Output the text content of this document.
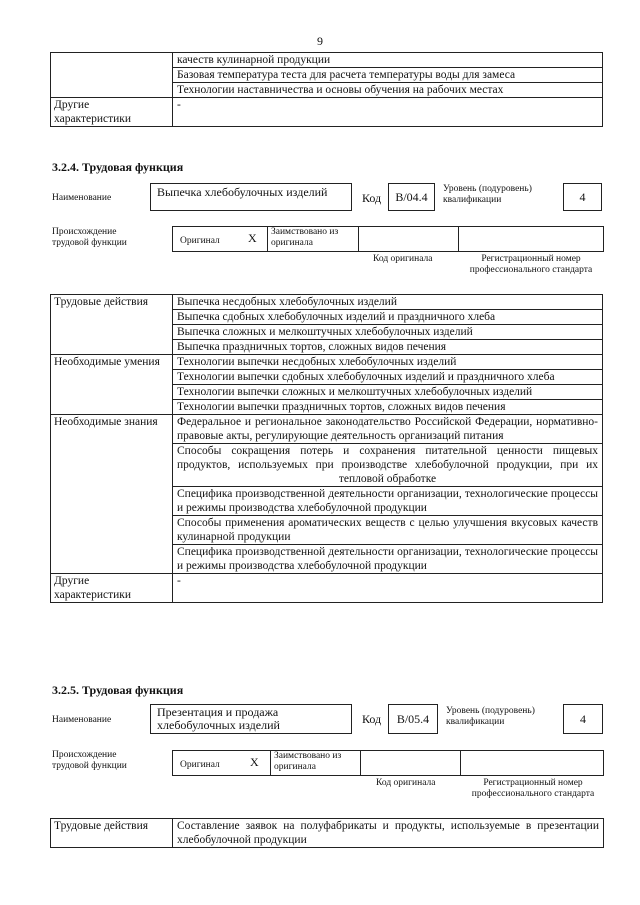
9
	качеств кулинарной продукции
	Базовая температура теста для расчета температуры воды для замеса
	Технологии наставничества и основы обучения на рабочих местах
Другие характеристики	-
3.2.4. Трудовая функция
Наименование	Выпечка хлебобулочных изделий	Код B/04.4
Уровень (подуровень) квалификации	4
Происхождение трудовой функции	Оригинал X Заимствовано из оригинала
Код оригинала	Регистрационный номер профессионального стандарта
Трудовые действия	Выпечка несдобных хлебобулочных изделий
	Выпечка сдобных хлебобулочных изделий и праздничного хлеба
	Выпечка сложных и мелкоштучных хлебобулочных изделий
	Выпечка праздничных тортов, сложных видов печения
Необходимые умения	Технологии выпечки несдобных хлебобулочных изделий
	Технологии выпечки сдобных хлебобулочных изделий и праздничного хлеба
	Технологии выпечки сложных и мелкоштучных хлебобулочных изделий
	Технологии выпечки праздничных тортов, сложных видов печения
Необходимые знания	Федеральное и региональное законодательство Российской Федерации, нормативно-правовые акты, регулирующие деятельность организаций питания
	Способы сокращения потерь и сохранения питательной ценности пищевых продуктов, используемых при производстве хлебобулочной продукции, при их тепловой обработке
	Специфика производственной деятельности организации, технологические процессы и режимы производства хлебобулочной продукции
	Способы применения ароматических веществ с целью улучшения вкусовых качеств кулинарной продукции
	Специфика производственной деятельности организации, технологические процессы и режимы производства хлебобулочной продукции
Другие характеристики	-
3.2.5. Трудовая функция
Наименование
Презентация и продажа хлебобулочных изделий	Код B/05.4
Уровень (подуровень) квалификации	4
Происхождение трудовой функции	Оригинал	X Заимствовано из оригинала
Код оригинала	Регистрационный номер профессионального стандарта
Трудовые действия	Составление заявок на полуфабрикаты и продукты, используемые в презентации хлебобулочной продукции
